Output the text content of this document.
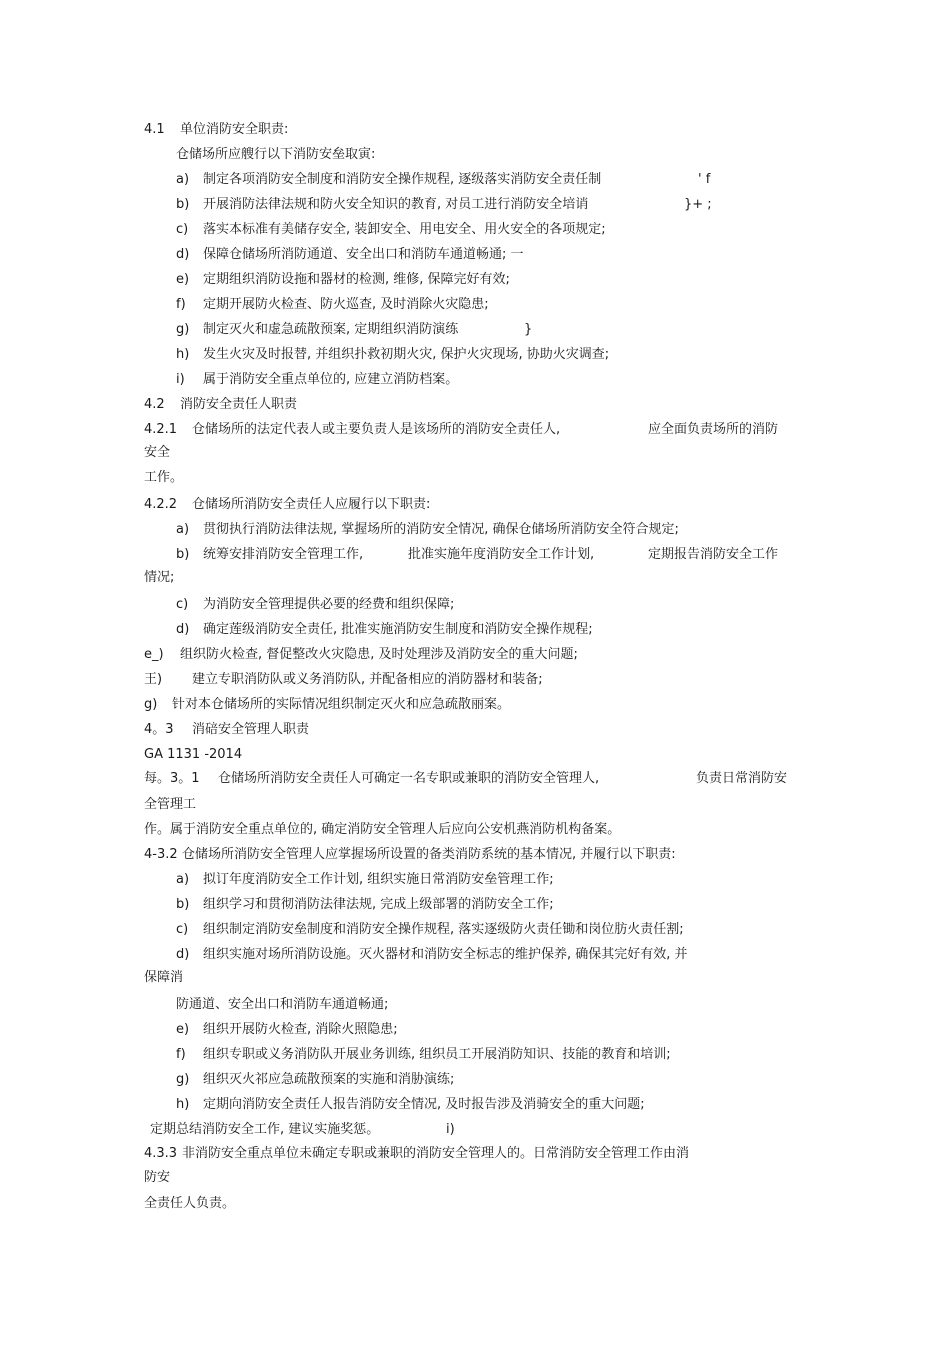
4.1 单位消防安全职责:
仓储场所应艘行以下消防安垒取寅:
a) 制定各项消防安全制度和消防安全操作规程, 逐级落实消防安全责任制	' f
b) 开展消防法律法规和防火安全知识的教育, 对员工进行消防安全培诮	}+ ;
c) 落实本标准有美储存安全, 装卸安全、用电安全、用火安全的各项规定;
d) 保障仓储场所消防通道、安全出口和消防车通道畅通; 一
e) 定期组织消防设拖和器材的检测, 维修, 保障完好有效;
f) 定期开展防火检查、防火巡查, 及时消除火灾隐患;
g) 制定灭火和虚急疏散预案, 定期组织消防演练	}
h) 发生火灾及时报替, 并组织扑救初期火灾, 保护火灾现场, 协助火灾调查;
i) 属于消防安全重点单位的, 应建立消防档案。
4.2 消防安全责任人职责
4.2.1 仓储场所的法定代表人或主要负责人是该场所的消防安全责任人,	应全面负责场所的消防
安全
工作。
4.2.2 仓储场所消防安全责任人应履行以下职责:
a) 贯彻执行消防法律法规, 掌握场所的消防安全情况, 确保仓储场所消防安全符合规定;
b) 统筹安排消防安全管理工作,	批准实施年度消防安全工作计划,	定期报告消防安全工作
情况;
c) 为消防安全管理提供必要的经费和组织保障;
d) 确定莲级消防安全责任, 批准实施消防安生制度和消防安全操作规程;
e_) 组织防火检查, 督促整改火灾隐患, 及时处理涉及消防安全的重大问题;
王) 建立专职消防队或义务消防队, 并配备相应的消防器材和装备;
g) 针对本仓储场所的实际情况组织制定灭火和应急疏散丽案。
4。3 消碚安全管理人职责
GA 1131 -2014
每。3。1 仓储场所消防安全责任人可确定一名专职或兼职的消防安全管理人,	负责日常消防安
全管理工
作。属于消防安全重点单位的, 确定消防安全管理人后应向公安机燕消防机构备案。
4-3.2 仓储场所消防安全管理人应掌握场所设置的备类消防系统的基本情况, 并履行以下职责:
a) 拟订年度消防安全工作计划, 组织实施日常消防安垒管理工作;
b) 组织学习和贯彻消防法律法规, 完成上级部署的消防安全工作;
c) 组织制定消防安垒制度和消防安全操作规程, 落实逐级防火责任锄和岗位肪火责任割;
d) 组织实施对场所消防设施。灭火器材和消防安全标志的维护保养, 确保其完好有效, 并
保障消
防通道、安全出口和消防车通道畅通;
e) 组织开展防火检查, 消除火照隐患;
f) 组织专职或义务消防队开展业务训练, 组织员工开展消防知识、技能的教育和培训;
g) 组织灭火祁应急疏散预案的实施和消胁演练;
h) 定期向消防安全责任人报告消防安全情况, 及时报告涉及消骑安全的重大问题;
定期总结消防安全工作, 建议实施奖惩。	i)
4.3.3 非消防安全重点单位未确定专职或兼职的消防安全管理人的。日常消防安全管理工作由消
防安
全责任人负责。
